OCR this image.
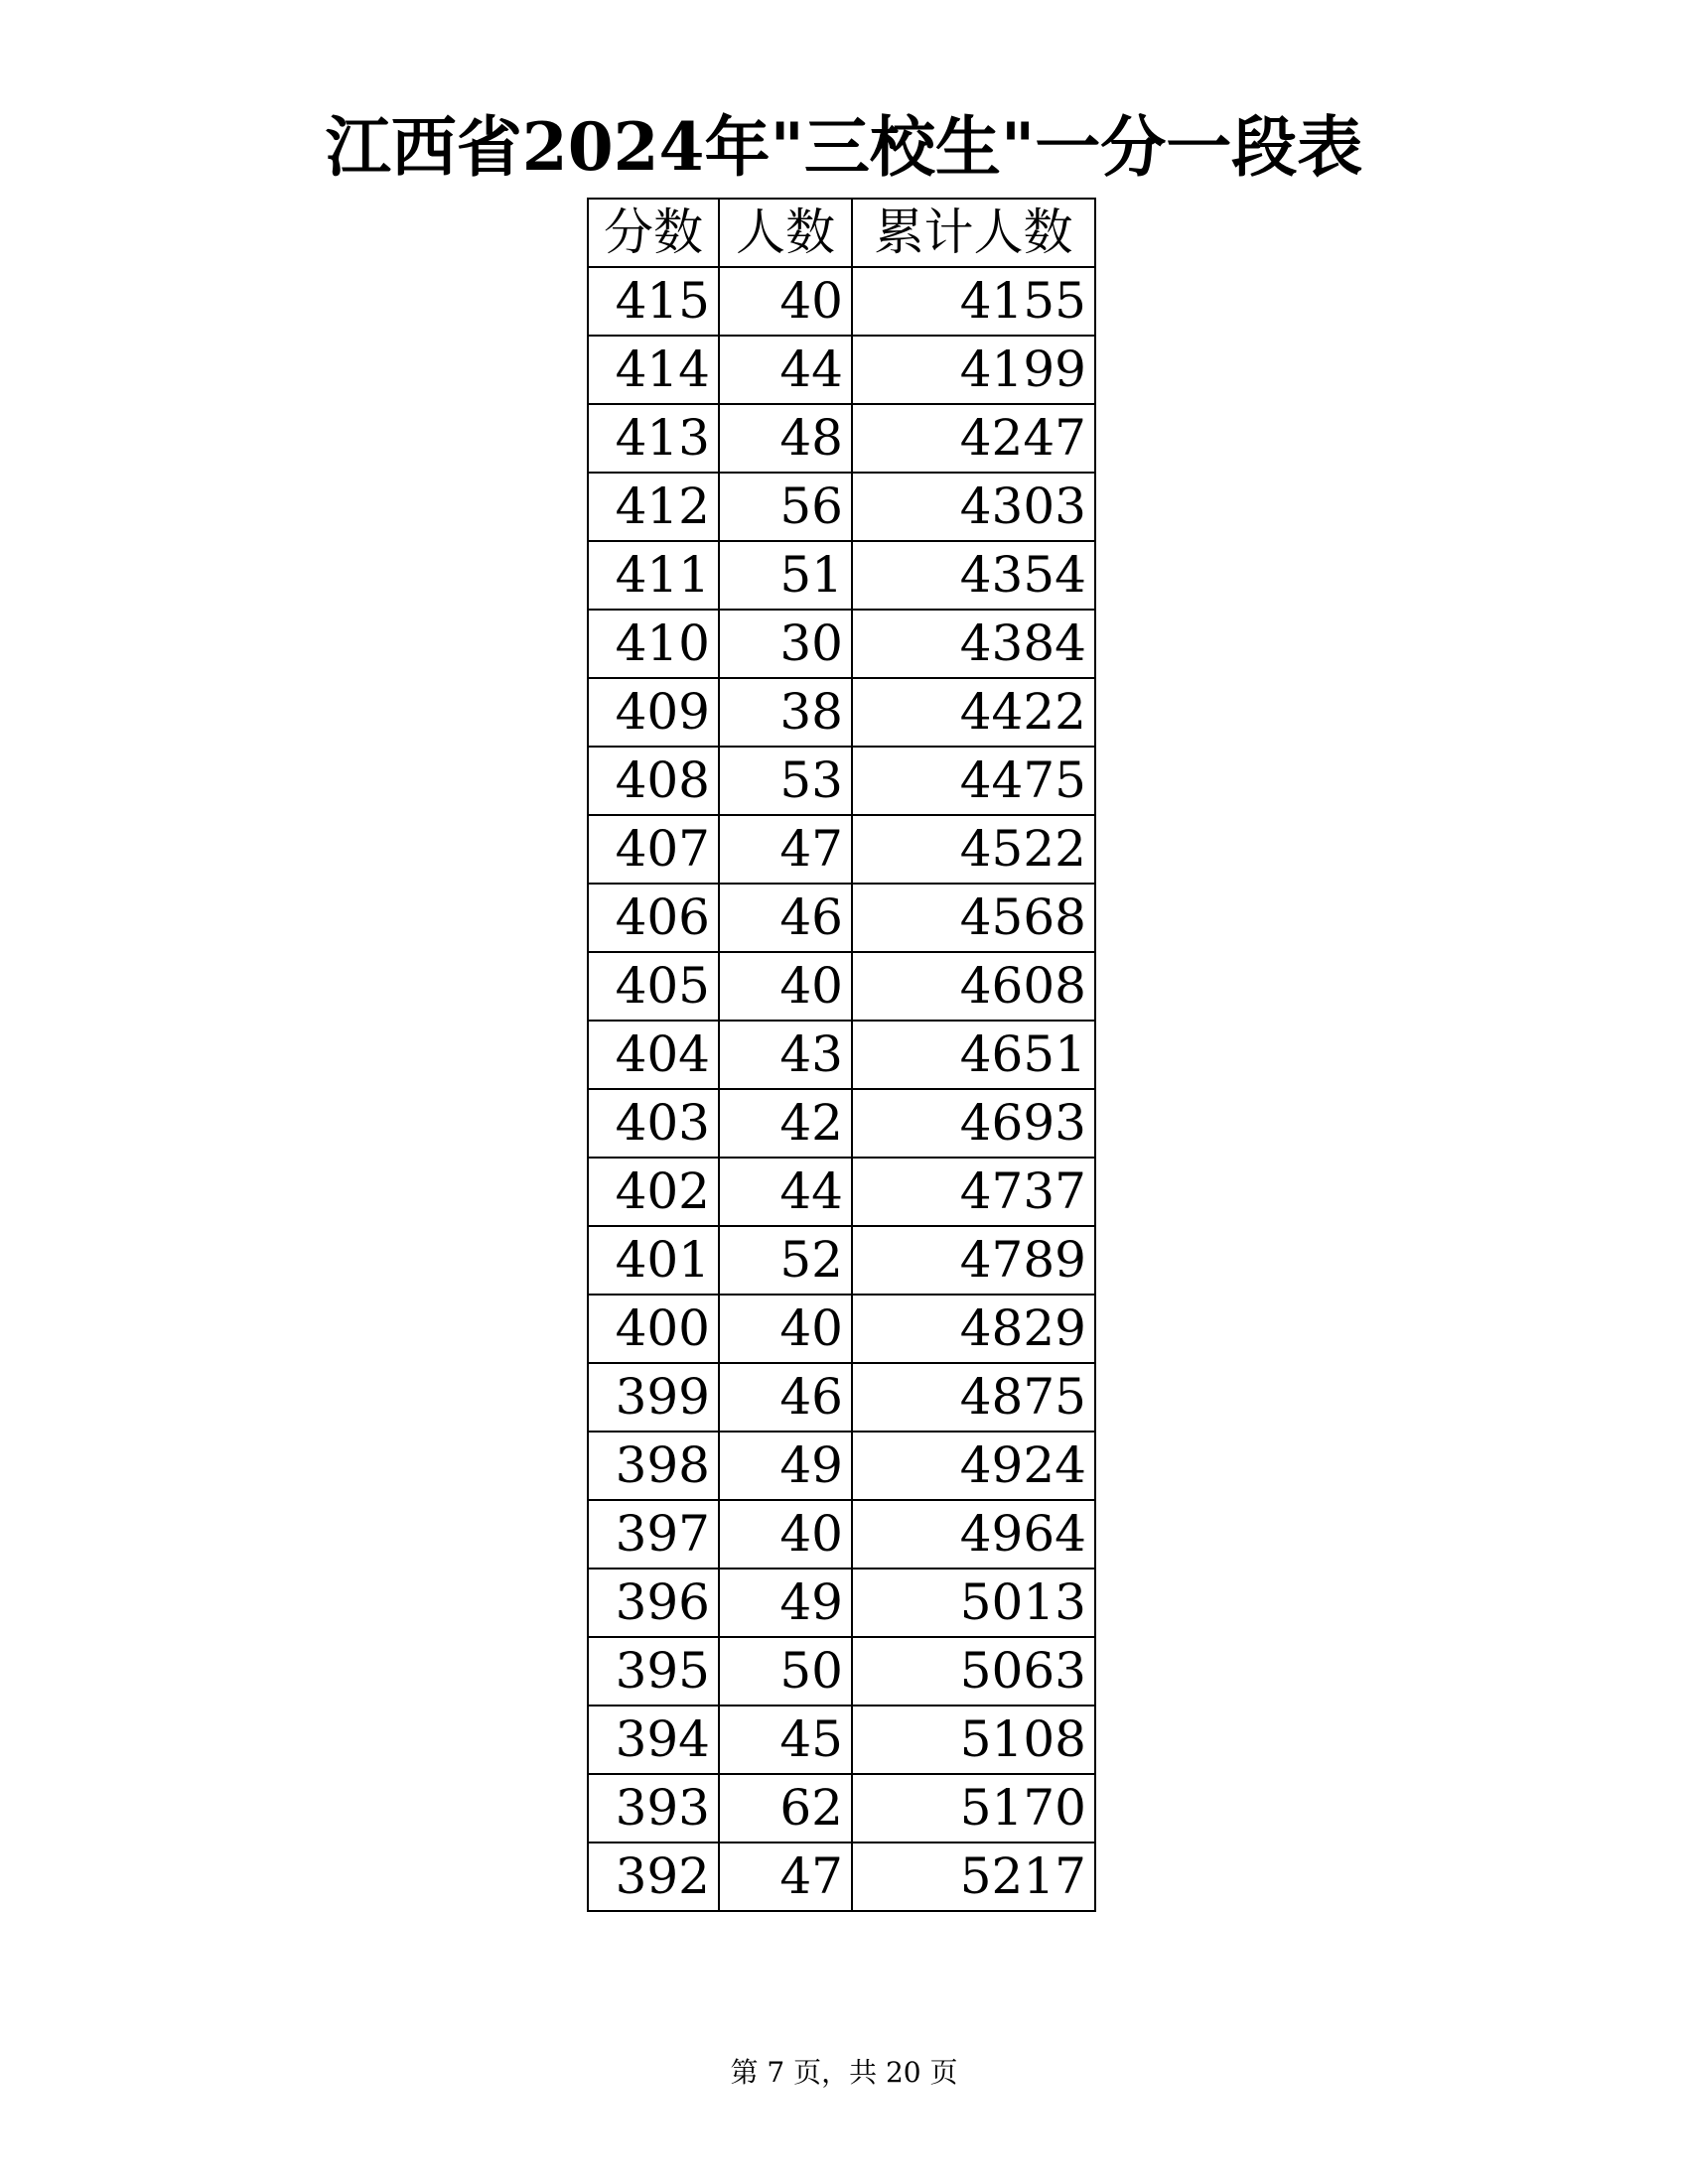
江西省2024年"三校生"一分一段表
分数	人数	累计人数
415	40	4155
414	44	4199
413	48	4247
412	56	4303
411	51	4354
410	30	4384
409	38	4422
408	53	4475
407	47	4522
406	46	4568
405	40	4608
404	43	4651
403	42	4693
402	44	4737
401	52	4789
400	40	4829
399	46	4875
398	49	4924
397	40	4964
396	49	5013
395	50	5063
394	45	5108
393	62	5170
392	47	5217
第 7 页，共 20 页
